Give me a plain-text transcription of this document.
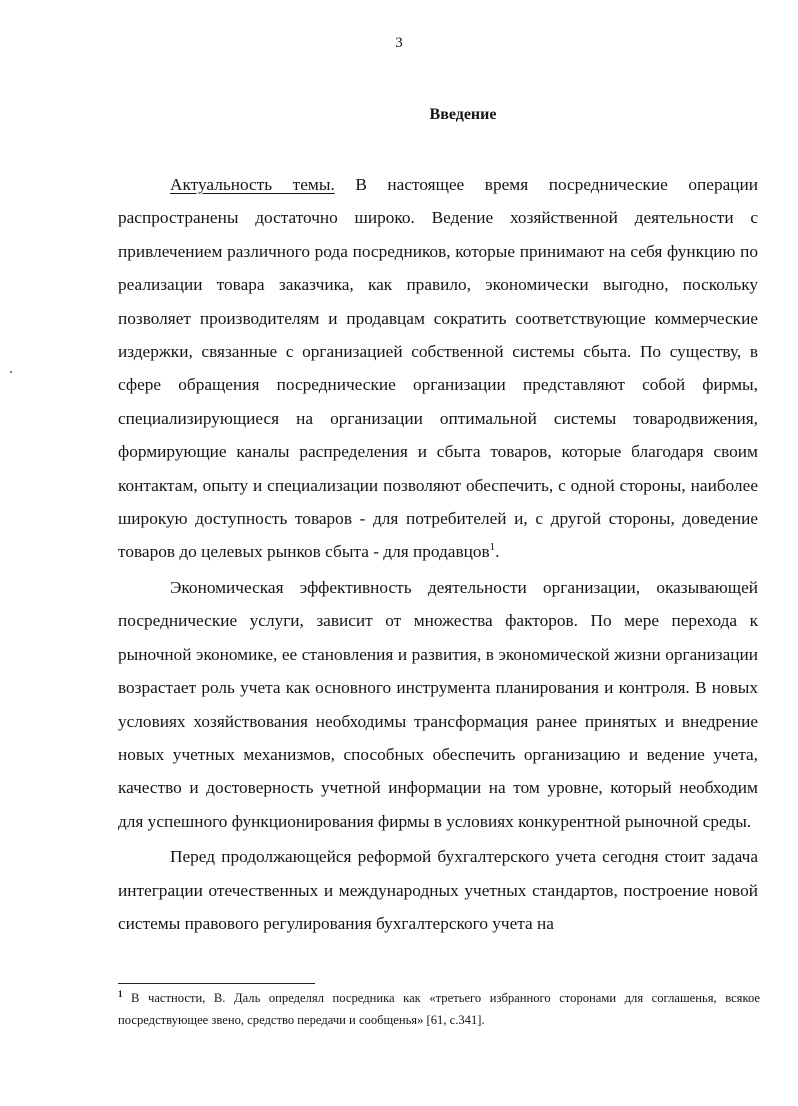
3
Введение

Актуальность темы. В настоящее время посреднические операции распространены достаточно широко. Ведение хозяйственной деятельности с привлечением различного рода посредников, которые принимают на себя функцию по реализации товара заказчика, как правило, экономически выгодно, поскольку позволяет производителям и продавцам сократить соответствующие коммерческие издержки, связанные с организацией собственной системы сбыта. По существу, в сфере обращения посреднические организации представляют собой фирмы, специализирующиеся на организации оптимальной системы товародвижения, формирующие каналы распределения и сбыта товаров, которые благодаря своим контактам, опыту и специализации позволяют обеспечить, с одной стороны, наиболее широкую доступность товаров - для потребителей и, с другой стороны, доведение товаров до целевых рынков сбыта - для продавцов$^1$.

Экономическая эффективность деятельности организации, оказывающей посреднические услуги, зависит от множества факторов. По мере перехода к рыночной экономике, ее становления и развития, в экономической жизни организации возрастает роль учета как основного инструмента планирования и контроля. В новых условиях хозяйствования необходимы трансформация ранее принятых и внедрение новых учетных механизмов, способных обеспечить организацию и ведение учета, качество и достоверность учетной информации на том уровне, который необходим для успешного функционирования фирмы в условиях конкурентной рыночной среды.

Перед продолжающейся реформой бухгалтерского учета сегодня стоит задача интеграции отечественных и международных учетных стандартов, построение новой системы правового регулирования бухгалтерского учета на

$^1$ В частности, В. Даль определял посредника как «третьего избранного сторонами для соглашенья, всякое посредствующее звено, средство передачи и сообщенья» [61, с.341].
